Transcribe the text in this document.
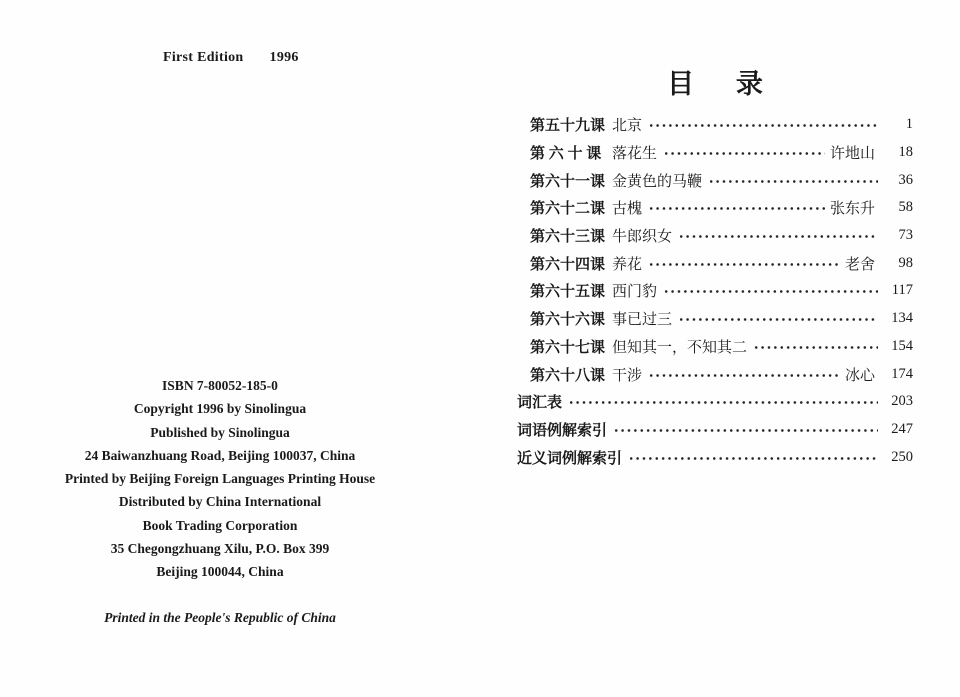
First Edition 1996
ISBN 7-80052-185-0
Copyright 1996 by Sinolingua
Published by Sinolingua
24 Baiwanzhuang Road, Beijing 100037, China
Printed by Beijing Foreign Languages Printing House
Distributed by China International
Book Trading Corporation
35 Chegongzhuang Xilu, P.O. Box 399
Beijing 100044, China
Printed in the People's Republic of China
目 录
第五十九课 北京	1
第 六 十 课 落花生	许地山	18
第六十一课 金黄色的马鞭	36
第六十二课 古槐	张东升	58
第六十三课 牛郎织女	73
第六十四课 养花	老舍	98
第六十五课 西门豹	117
第六十六课 事已过三	134
第六十七课 但知其一，不知其二	154
第六十八课 干涉	冰心	174
词汇表	203
词语例解索引	247
近义词例解索引	250
